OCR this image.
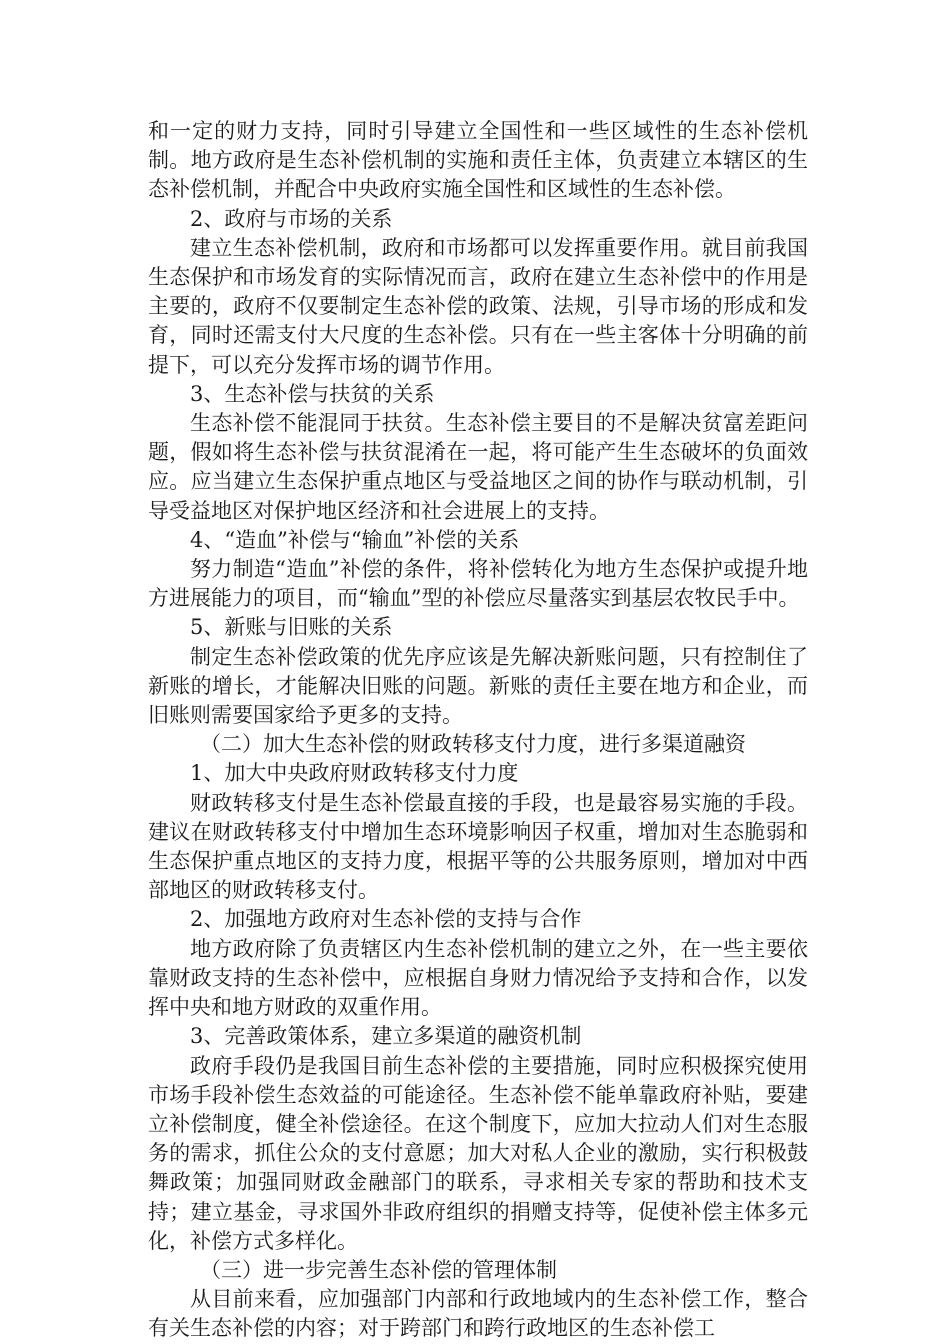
和一定的财力支持，同时引导建立全国性和一些区域性的生态补偿机制。地方政府是生态补偿机制的实施和责任主体，负责建立本辖区的生态补偿机制，并配合中央政府实施全国性和区域性的生态补偿。

2、政府与市场的关系

建立生态补偿机制，政府和市场都可以发挥重要作用。就目前我国生态保护和市场发育的实际情况而言，政府在建立生态补偿中的作用是主要的，政府不仅要制定生态补偿的政策、法规，引导市场的形成和发育，同时还需支付大尺度的生态补偿。只有在一些主客体十分明确的前提下，可以充分发挥市场的调节作用。

3、生态补偿与扶贫的关系

生态补偿不能混同于扶贫。生态补偿主要目的不是解决贫富差距问题，假如将生态补偿与扶贫混淆在一起，将可能产生生态破坏的负面效应。应当建立生态保护重点地区与受益地区之间的协作与联动机制，引导受益地区对保护地区经济和社会进展上的支持。

4、“造血”补偿与“输血”补偿的关系

努力制造“造血”补偿的条件，将补偿转化为地方生态保护或提升地方进展能力的项目，而“输血”型的补偿应尽量落实到基层农牧民手中。

5、新账与旧账的关系

制定生态补偿政策的优先序应该是先解决新账问题，只有控制住了新账的增长，才能解决旧账的问题。新账的责任主要在地方和企业，而旧账则需要国家给予更多的支持。

（二）加大生态补偿的财政转移支付力度，进行多渠道融资

1、加大中央政府财政转移支付力度

财政转移支付是生态补偿最直接的手段，也是最容易实施的手段。建议在财政转移支付中增加生态环境影响因子权重，增加对生态脆弱和生态保护重点地区的支持力度，根据平等的公共服务原则，增加对中西部地区的财政转移支付。

2、加强地方政府对生态补偿的支持与合作

地方政府除了负责辖区内生态补偿机制的建立之外，在一些主要依靠财政支持的生态补偿中，应根据自身财力情况给予支持和合作，以发挥中央和地方财政的双重作用。

3、完善政策体系，建立多渠道的融资机制

政府手段仍是我国目前生态补偿的主要措施，同时应积极探究使用市场手段补偿生态效益的可能途径。生态补偿不能单靠政府补贴，要建立补偿制度，健全补偿途径。在这个制度下，应加大拉动人们对生态服务的需求，抓住公众的支付意愿；加大对私人企业的激励，实行积极鼓舞政策；加强同财政金融部门的联系，寻求相关专家的帮助和技术支持；建立基金，寻求国外非政府组织的捐赠支持等，促使补偿主体多元化，补偿方式多样化。

（三）进一步完善生态补偿的管理体制

从目前来看，应加强部门内部和行政地域内的生态补偿工作，整合有关生态补偿的内容；对于跨部门和跨行政地区的生态补偿工
